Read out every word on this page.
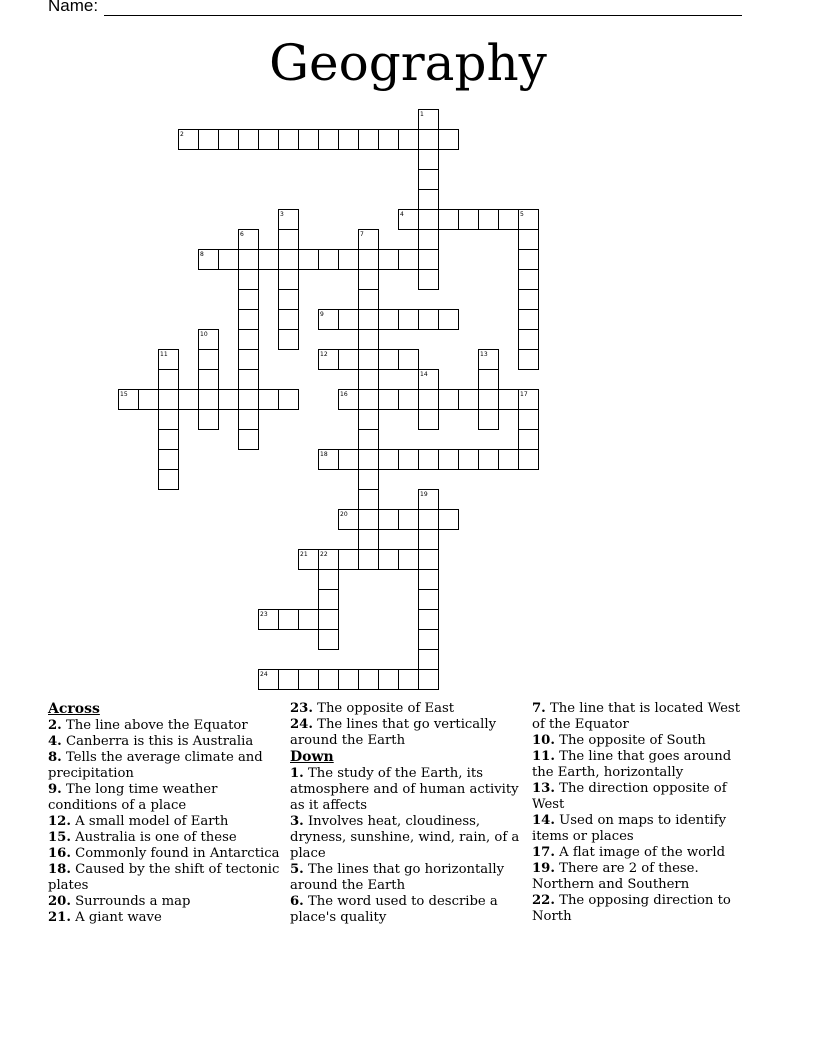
Name:
Geography
1
2
3	4	5
6	7
8
9
10
11	12	13
14
15	16	17
18
19
20
21 22
23
24
Across
2. The line above the Equator
4. Canberra is this is Australia
8. Tells the average climate and precipitation
9. The long time weather conditions of a place
12. A small model of Earth
15. Australia is one of these
16. Commonly found in Antarctica
18. Caused by the shift of tectonic plates
20. Surrounds a map
21. A giant wave
23. The opposite of East
24. The lines that go vertically around the Earth
Down
1. The study of the Earth, its atmosphere and of human activity as it affects
3. Involves heat, cloudiness, dryness, sunshine, wind, rain, of a place
5. The lines that go horizontally around the Earth
6. The word used to describe a place's quality
7. The line that is located West of the Equator
10. The opposite of South
11. The line that goes around the Earth, horizontally
13. The direction opposite of West
14. Used on maps to identify items or places
17. A flat image of the world
19. There are 2 of these. Northern and Southern
22. The opposing direction to North
